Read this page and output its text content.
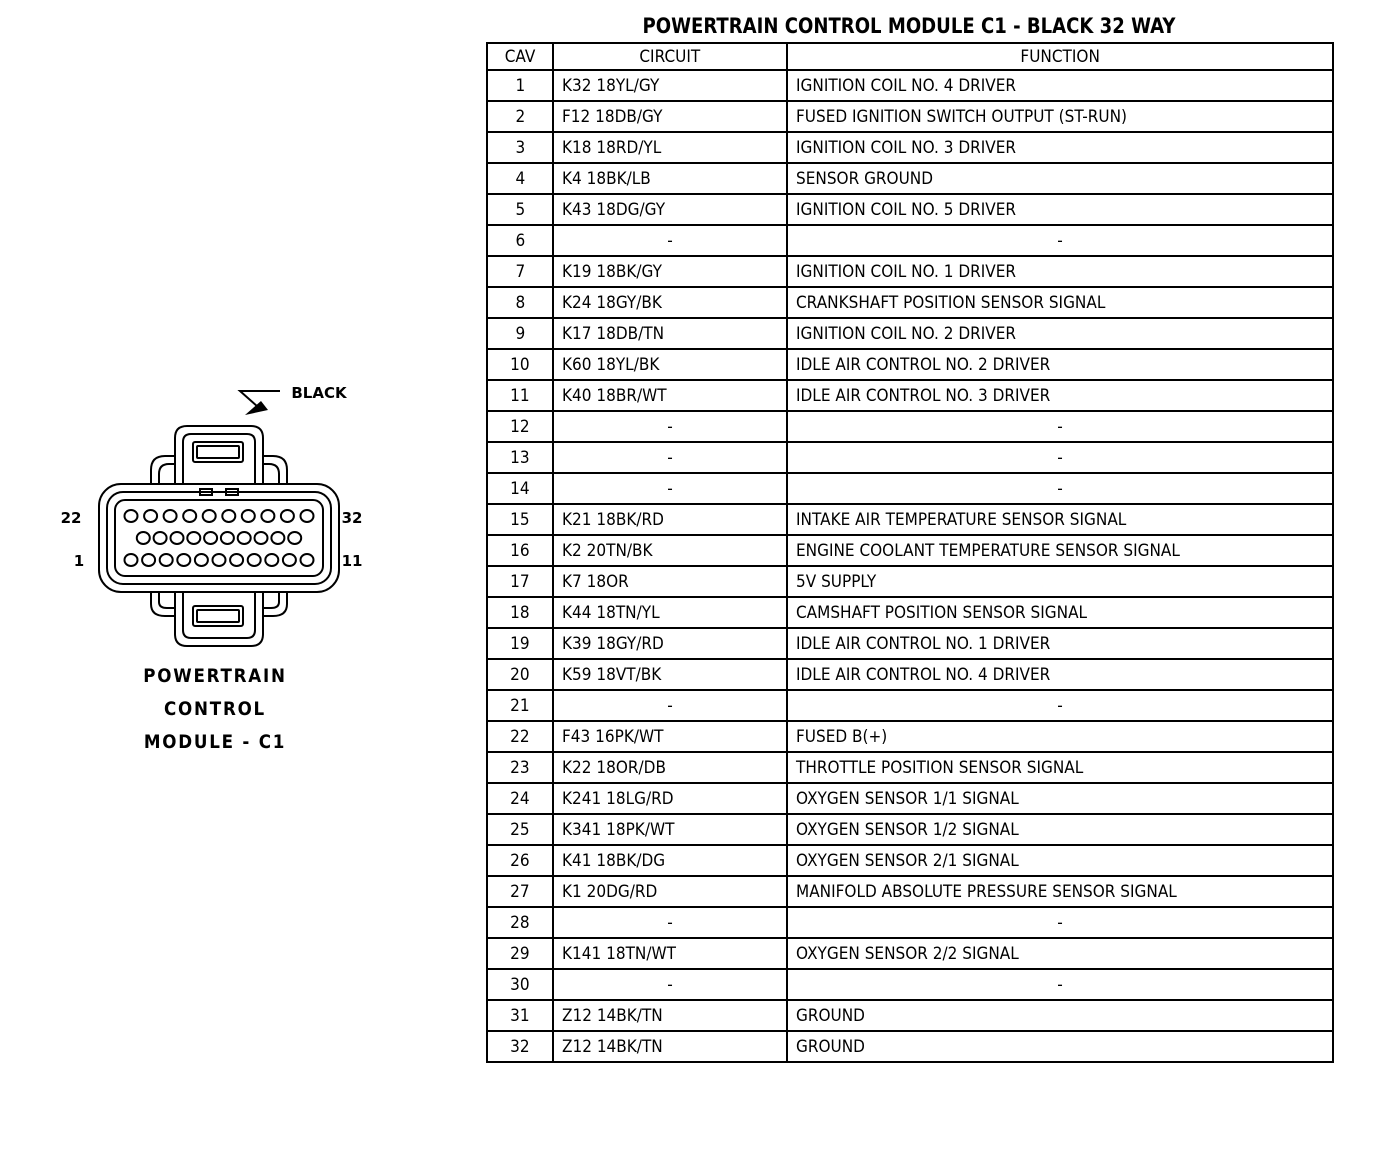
BLACK
22	32
1	11
POWERTRAIN
CONTROL
MODULE - C1
POWERTRAIN CONTROL MODULE C1 - BLACK 32 WAY
CAV	CIRCUIT	FUNCTION
1	K32 18YL/GY	IGNITION COIL NO. 4 DRIVER
2	F12 18DB/GY	FUSED IGNITION SWITCH OUTPUT (ST-RUN)
3	K18 18RD/YL	IGNITION COIL NO. 3 DRIVER
4	K4 18BK/LB	SENSOR GROUND
5	K43 18DG/GY	IGNITION COIL NO. 5 DRIVER
6	-	-
7	K19 18BK/GY	IGNITION COIL NO. 1 DRIVER
8	K24 18GY/BK	CRANKSHAFT POSITION SENSOR SIGNAL
9	K17 18DB/TN	IGNITION COIL NO. 2 DRIVER
10	K60 18YL/BK	IDLE AIR CONTROL NO. 2 DRIVER
11	K40 18BR/WT	IDLE AIR CONTROL NO. 3 DRIVER
12	-	-
13	-	-
14	-	-
15	K21 18BK/RD	INTAKE AIR TEMPERATURE SENSOR SIGNAL
16	K2 20TN/BK	ENGINE COOLANT TEMPERATURE SENSOR SIGNAL
17	K7 18OR	5V SUPPLY
18	K44 18TN/YL	CAMSHAFT POSITION SENSOR SIGNAL
19	K39 18GY/RD	IDLE AIR CONTROL NO. 1 DRIVER
20	K59 18VT/BK	IDLE AIR CONTROL NO. 4 DRIVER
21	-	-
22	F43 16PK/WT	FUSED B(+)
23	K22 18OR/DB	THROTTLE POSITION SENSOR SIGNAL
24	K241 18LG/RD	OXYGEN SENSOR 1/1 SIGNAL
25	K341 18PK/WT	OXYGEN SENSOR 1/2 SIGNAL
26	K41 18BK/DG	OXYGEN SENSOR 2/1 SIGNAL
27	K1 20DG/RD	MANIFOLD ABSOLUTE PRESSURE SENSOR SIGNAL
28	-	-
29	K141 18TN/WT	OXYGEN SENSOR 2/2 SIGNAL
30	-	-
31	Z12 14BK/TN	GROUND
32	Z12 14BK/TN	GROUND
